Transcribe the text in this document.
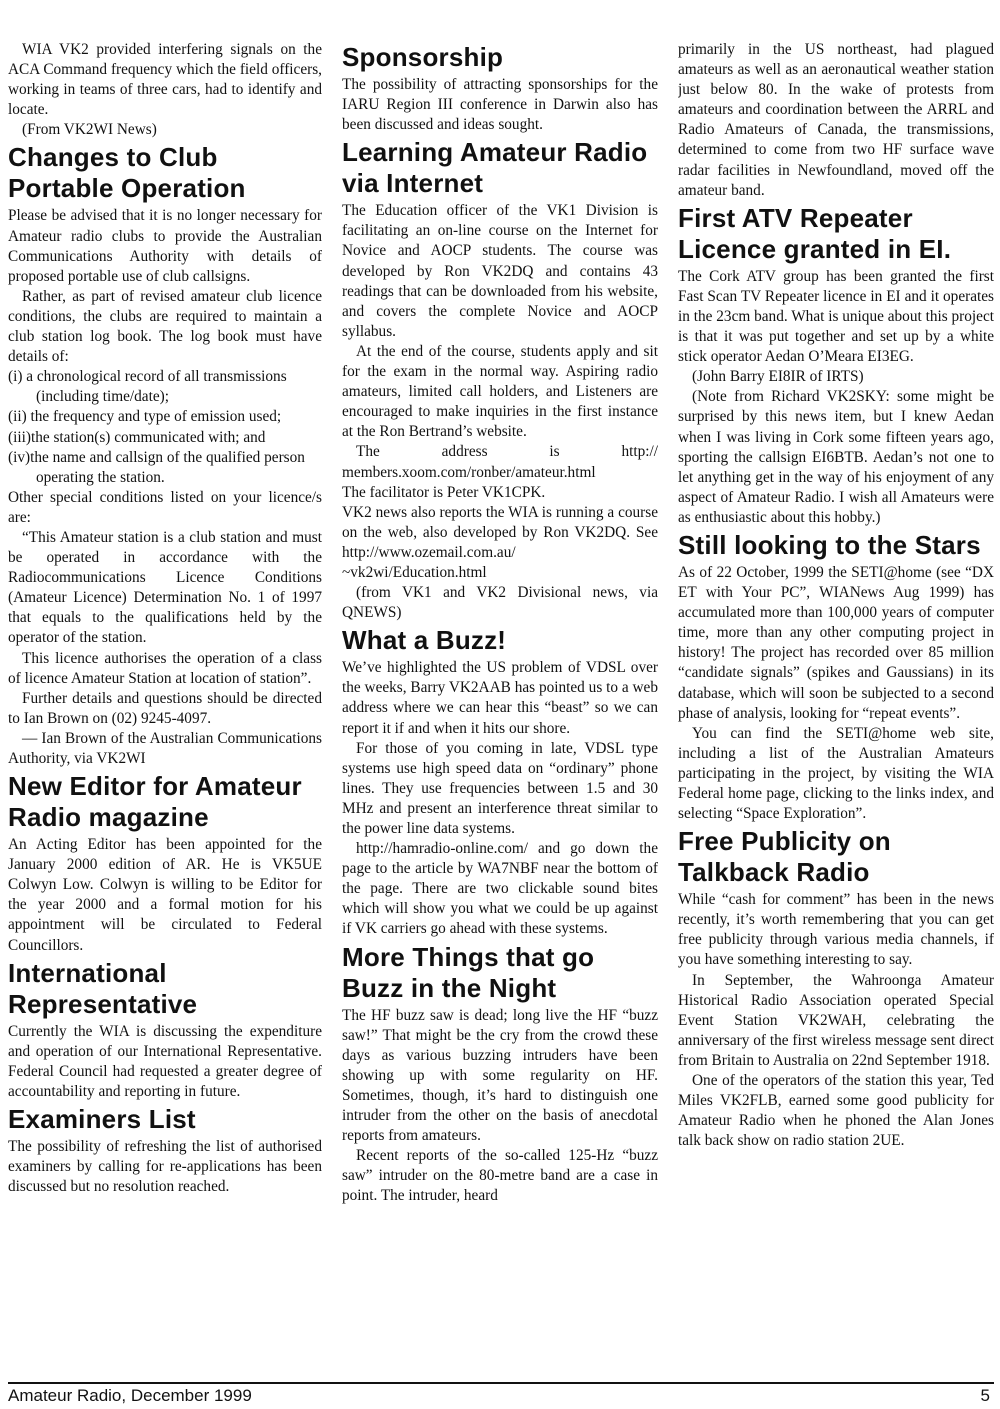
WIA VK2 provided interfering signals on the ACA Command frequency which the field officers, working in teams of three cars, had to identify and locate.

(From VK2WI News)

Changes to Club Portable Operation

Please be advised that it is no longer necessary for Amateur radio clubs to provide the Australian Communications Authority with details of proposed portable use of club callsigns.

Rather, as part of revised amateur club licence conditions, the clubs are required to maintain a club station log book. The log book must have details of:

(i) a chronological record of all transmissions (including time/date);
(ii) the frequency and type of emission used;
(iii)the station(s) communicated with; and
(iv)the name and callsign of the qualified person operating the station.

Other special conditions listed on your licence/s are:

“This Amateur station is a club station and must be operated in accordance with the Radiocommunications Licence Conditions (Amateur Licence) Determination No. 1 of 1997 that equals to the qualifications held by the operator of the station.

This licence authorises the operation of a class of licence Amateur Station at location of station”.

Further details and questions should be directed to Ian Brown on (02) 9245-4097.

— Ian Brown of the Australian Communications Authority, via VK2WI

New Editor for Amateur Radio magazine

An Acting Editor has been appointed for the January 2000 edition of AR. He is VK5UE Colwyn Low. Colwyn is willing to be Editor for the year 2000 and a formal motion for his appointment will be circulated to Federal Councillors.

International Representative

Currently the WIA is discussing the expenditure and operation of our International Representative. Federal Council had requested a greater degree of accountability and reporting in future.

Examiners List

The possibility of refreshing the list of authorised examiners by calling for re-applications has been discussed but no resolution reached.

Sponsorship

The possibility of attracting sponsorships for the IARU Region III conference in Darwin also has been discussed and ideas sought.

Learning Amateur Radio via Internet

The Education officer of the VK1 Division is facilitating an on-line course on the Internet for Novice and AOCP students. The course was developed by Ron VK2DQ and contains 43 readings that can be downloaded from his website, and covers the complete Novice and AOCP syllabus.

At the end of the course, students apply and sit for the exam in the normal way. Aspiring radio amateurs, limited call holders, and Listeners are encouraged to make inquiries in the first instance at the Ron Bertrand’s website.

The address is http:// members.xoom.com/ronber/amateur.html

The facilitator is Peter VK1CPK.

VK2 news also reports the WIA is running a course on the web, also developed by Ron VK2DQ. See http://www.ozemail.com.au/ ~vk2wi/Education.html

(from VK1 and VK2 Divisional news, via QNEWS)

What a Buzz!

We’ve highlighted the US problem of VDSL over the weeks, Barry VK2AAB has pointed us to a web address where we can hear this “beast” so we can report it if and when it hits our shore.

For those of you coming in late, VDSL type systems use high speed data on “ordinary” phone lines. They use frequencies between 1.5 and 30 MHz and present an interference threat similar to the power line data systems.

http://hamradio-online.com/ and go down the page to the article by WA7NBF near the bottom of the page. There are two clickable sound bites which will show you what we could be up against if VK carriers go ahead with these systems.

More Things that go Buzz in the Night

The HF buzz saw is dead; long live the HF “buzz saw!” That might be the cry from the crowd these days as various buzzing intruders have been showing up with some regularity on HF. Sometimes, though, it’s hard to distinguish one intruder from the other on the basis of anecdotal reports from amateurs.

Recent reports of the so-called 125-Hz “buzz saw” intruder on the 80-metre band are a case in point. The intruder, heard

primarily in the US northeast, had plagued amateurs as well as an aeronautical weather station just below 80. In the wake of protests from amateurs and coordination between the ARRL and Radio Amateurs of Canada, the transmissions, determined to come from two HF surface wave radar facilities in Newfoundland, moved off the amateur band.

First ATV Repeater Licence granted in EI.

The Cork ATV group has been granted the first Fast Scan TV Repeater licence in EI and it operates in the 23cm band. What is unique about this project is that it was put together and set up by a white stick operator Aedan O’Meara EI3EG.

(John Barry EI8IR of IRTS)

(Note from Richard VK2SKY: some might be surprised by this news item, but I knew Aedan when I was living in Cork some fifteen years ago, sporting the callsign EI6BTB. Aedan’s not one to let anything get in the way of his enjoyment of any aspect of Amateur Radio. I wish all Amateurs were as enthusiastic about this hobby.)

Still looking to the Stars

As of 22 October, 1999 the SETI@home (see “DX ET with Your PC”, WIANews Aug 1999) has accumulated more than 100,000 years of computer time, more than any other computing project in history! The project has recorded over 85 million “candidate signals” (spikes and Gaussians) in its database, which will soon be subjected to a second phase of analysis, looking for “repeat events”.

You can find the SETI@home web site, including a list of the Australian Amateurs participating in the project, by visiting the WIA Federal home page, clicking to the links index, and selecting “Space Exploration”.

Free Publicity on Talkback Radio

While “cash for comment” has been in the news recently, it’s worth remembering that you can get free publicity through various media channels, if you have something interesting to say.

In September, the Wahroonga Amateur Historical Radio Association operated Special Event Station VK2WAH, celebrating the anniversary of the first wireless message sent direct from Britain to Australia on 22nd September 1918.

One of the operators of the station this year, Ted Miles VK2FLB, earned some good publicity for Amateur Radio when he phoned the Alan Jones talk back show on radio station 2UE.

Amateur Radio, December 1999	5
